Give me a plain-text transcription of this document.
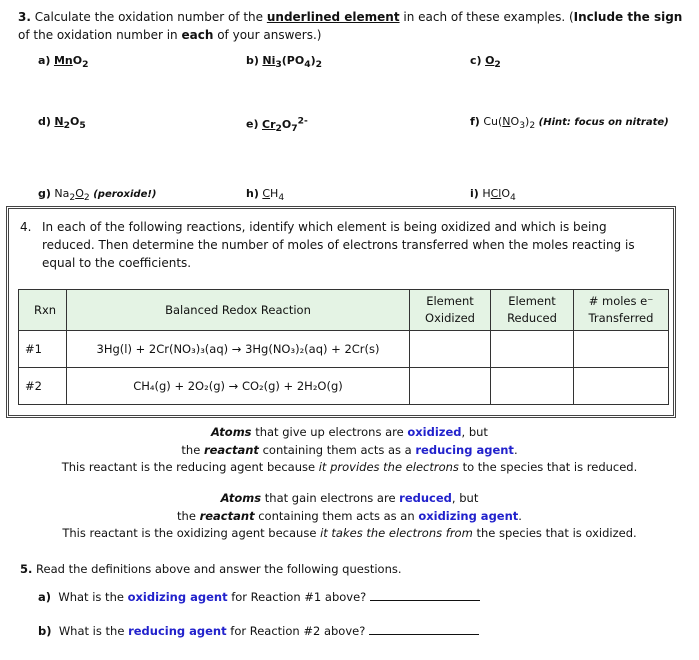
3. Calculate the oxidation number of the underlined element in each of these examples. (Include the sign of the oxidation number in each of your answers.)
a) MnO$_2$	b) $Ni_3(PO_4)_2$	c) $O_2$
d) $N_2O_5$	e) $Cr_2O_7^{2-}$	f) $Cu(NO_3)_2$ (Hint: focus on nitrate)
g) $Na_2O_2$ (peroxide!)	h) $CH_4$	i) HClO$_4$
4. In each of the following reactions, identify which element is being oxidized and which is being reduced. Then determine the number of moles of electrons transferred when the moles reacting is equal to the coefficients.
Rxn	Balanced Redox Reaction	Element Oxidized	Element Reduced	# moles e⁻ Transferred
#1	3Hg(l) + 2Cr(NO₃)₃(aq) → 3Hg(NO₃)₂(aq) + 2Cr(s)			
#2	CH₄(g) + 2O₂(g) → CO₂(g) + 2H₂O(g)			
Atoms that give up electrons are oxidized, but
the reactant containing them acts as a reducing agent.
This reactant is the reducing agent because it provides the electrons to the species that is reduced.
Atoms that gain electrons are reduced, but
the reactant containing them acts as an oxidizing agent.
This reactant is the oxidizing agent because it takes the electrons from the species that is oxidized.
5. Read the definitions above and answer the following questions.
a) What is the oxidizing agent for Reaction #1 above?
b) What is the reducing agent for Reaction #2 above?
